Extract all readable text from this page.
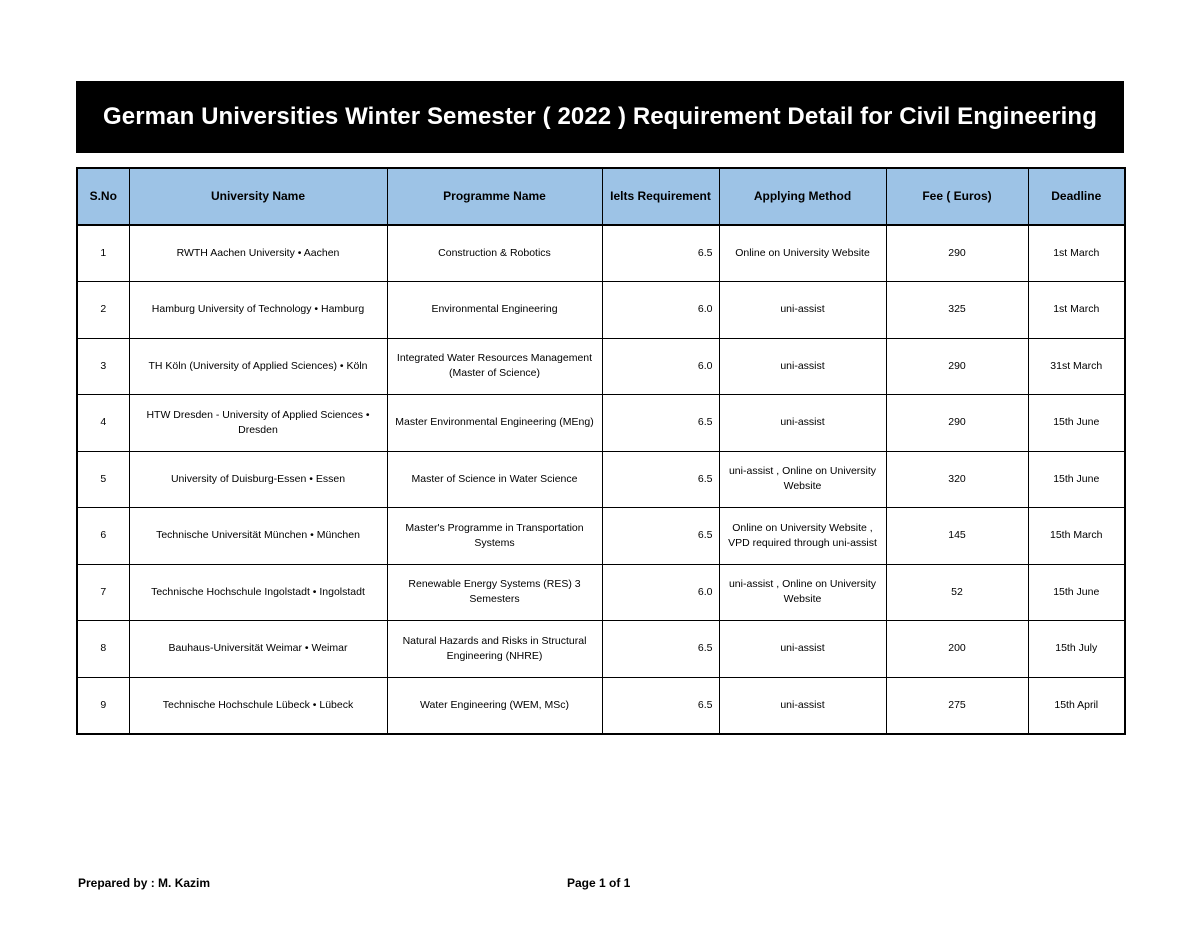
German Universities Winter Semester ( 2022 ) Requirement Detail for Civil Engineering
S.No	University Name	Programme Name	Ielts Requirement	Applying Method	Fee ( Euros)	Deadline
1	RWTH Aachen University • Aachen	Construction & Robotics	6.5	Online on University Website	290	1st March
2	Hamburg University of Technology • Hamburg	Environmental Engineering	6.0	uni-assist	325	1st March
3	TH Köln (University of Applied Sciences) • Köln	Integrated Water Resources Management (Master of Science)	6.0	uni-assist	290	31st March
4	HTW Dresden - University of Applied Sciences • Dresden	Master Environmental Engineering (MEng)	6.5	uni-assist	290	15th June
5	University of Duisburg-Essen • Essen	Master of Science in Water Science	6.5	uni-assist , Online on University Website	320	15th June
6	Technische Universität München • München	Master's Programme in Transportation Systems	6.5	Online on University Website , VPD required through uni-assist	145	15th March
7	Technische Hochschule Ingolstadt • Ingolstadt	Renewable Energy Systems (RES) 3 Semesters	6.0	uni-assist , Online on University Website	52	15th June
8	Bauhaus-Universität Weimar • Weimar	Natural Hazards and Risks in Structural Engineering (NHRE)	6.5	uni-assist	200	15th July
9	Technische Hochschule Lübeck • Lübeck	Water Engineering (WEM, MSc)	6.5	uni-assist	275	15th April
Prepared by : M. Kazim	Page 1 of 1
